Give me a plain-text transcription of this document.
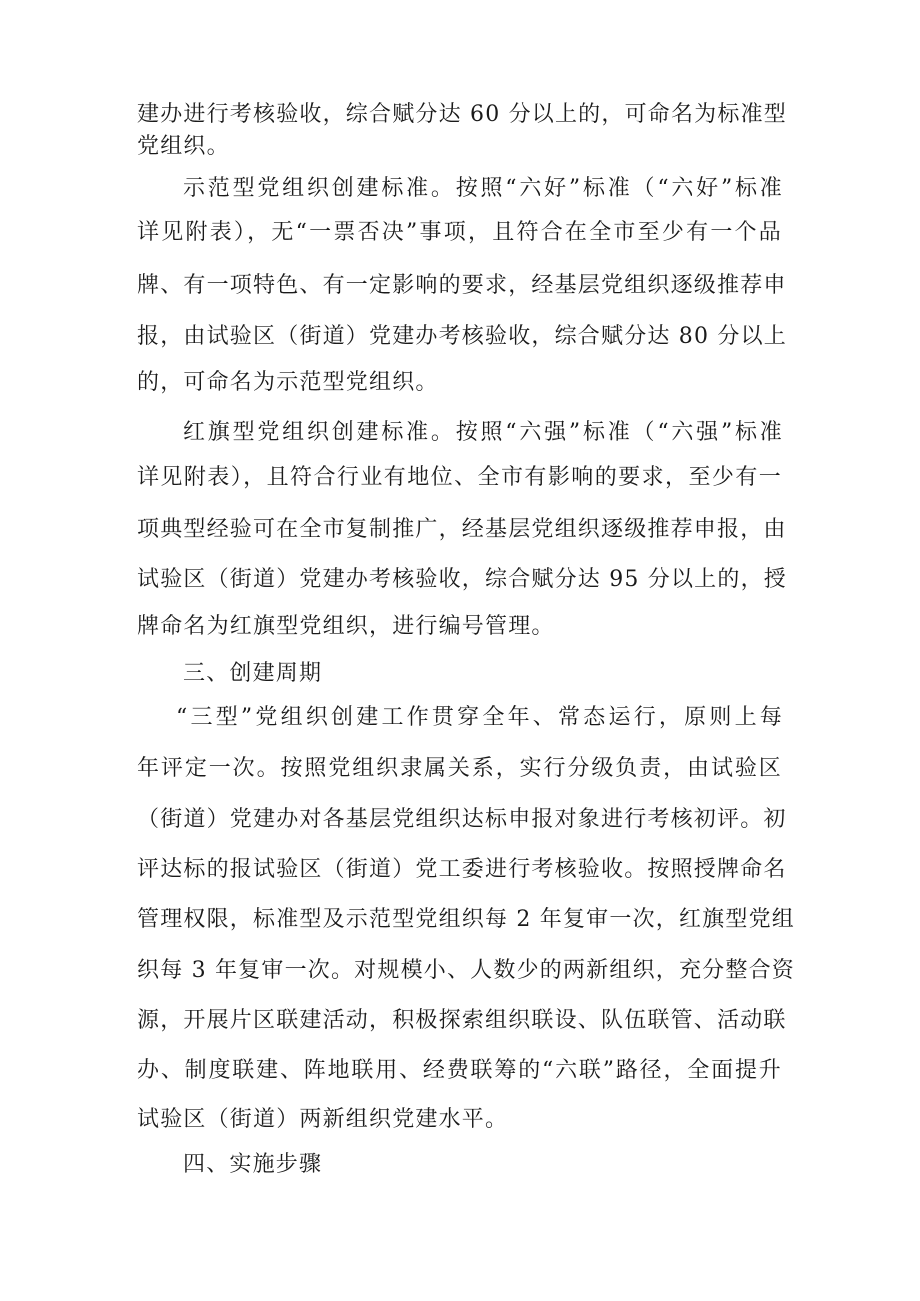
建办进行考核验收，综合赋分达 60 分以上的，可命名为标准型
党组织。
示范型党组织创建标准。按照“六好”标准（“六好”标准
详见附表），无“一票否决”事项，且符合在全市至少有一个品
牌、有一项特色、有一定影响的要求，经基层党组织逐级推荐申
报，由试验区（街道）党建办考核验收，综合赋分达 80 分以上
的，可命名为示范型党组织。
红旗型党组织创建标准。按照“六强”标准（“六强”标准
详见附表），且符合行业有地位、全市有影响的要求，至少有一
项典型经验可在全市复制推广，经基层党组织逐级推荐申报，由
试验区（街道）党建办考核验收，综合赋分达 95 分以上的，授
牌命名为红旗型党组织，进行编号管理。
三、创建周期
“三型”党组织创建工作贯穿全年、常态运行，原则上每
年评定一次。按照党组织隶属关系，实行分级负责，由试验区
（街道）党建办对各基层党组织达标申报对象进行考核初评。初
评达标的报试验区（街道）党工委进行考核验收。按照授牌命名
管理权限，标准型及示范型党组织每 2 年复审一次，红旗型党组
织每 3 年复审一次。对规模小、人数少的两新组织，充分整合资
源，开展片区联建活动，积极探索组织联设、队伍联管、活动联
办、制度联建、阵地联用、经费联筹的“六联”路径，全面提升
试验区（街道）两新组织党建水平。
四、实施步骤
